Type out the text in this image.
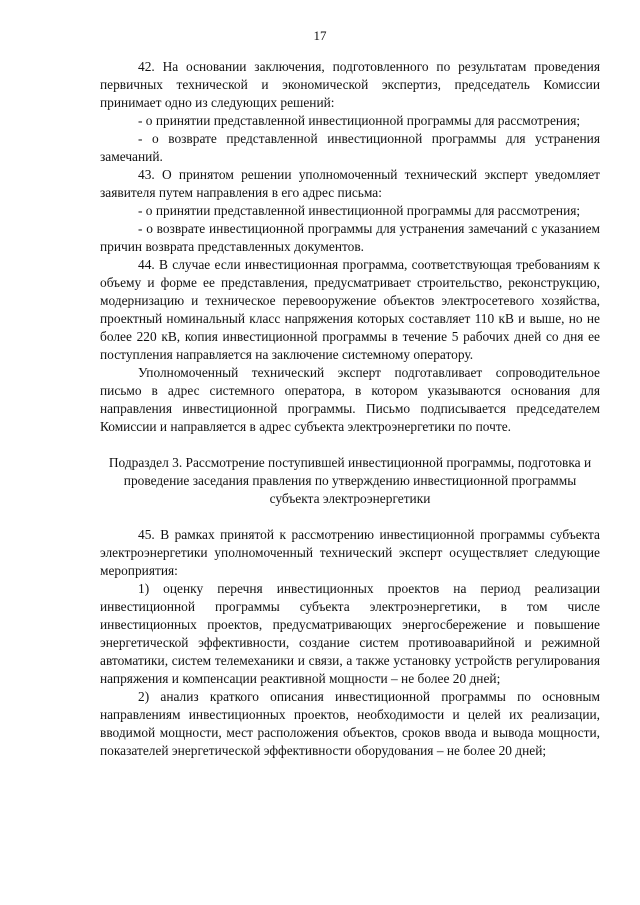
17

42. На основании заключения, подготовленного по результатам проведения первичных технической и экономической экспертиз, председатель Комиссии принимает одно из следующих решений:

- о принятии представленной инвестиционной программы для рассмотрения;

- о возврате представленной инвестиционной программы для устранения замечаний.

43. О принятом решении уполномоченный технический эксперт уведомляет заявителя путем направления в его адрес письма:

- о принятии представленной инвестиционной программы для рассмотрения;

- о возврате инвестиционной программы для устранения замечаний с указанием причин возврата представленных документов.

44. В случае если инвестиционная программа, соответствующая требованиям к объему и форме ее представления, предусматривает строительство, реконструкцию, модернизацию и техническое перевооружение объектов электросетевого хозяйства, проектный номинальный класс напряжения которых составляет 110 кВ и выше, но не более 220 кВ, копия инвестиционной программы в течение 5 рабочих дней со дня ее поступления направляется на заключение системному оператору.

Уполномоченный технический эксперт подготавливает сопроводительное письмо в адрес системного оператора, в котором указываются основания для направления инвестиционной программы. Письмо подписывается председателем Комиссии и направляется в адрес субъекта электроэнергетики по почте.

Подраздел 3. Рассмотрение поступившей инвестиционной программы, подготовка и проведение заседания правления по утверждению инвестиционной программы субъекта электроэнергетики

45. В рамках принятой к рассмотрению инвестиционной программы субъекта электроэнергетики уполномоченный технический эксперт осуществляет следующие мероприятия:

1) оценку перечня инвестиционных проектов на период реализации инвестиционной программы субъекта электроэнергетики, в том числе инвестиционных проектов, предусматривающих энергосбережение и повышение энергетической эффективности, создание систем противоаварийной и режимной автоматики, систем телемеханики и связи, а также установку устройств регулирования напряжения и компенсации реактивной мощности – не более 20 дней;

2) анализ краткого описания инвестиционной программы по основным направлениям инвестиционных проектов, необходимости и целей их реализации, вводимой мощности, мест расположения объектов, сроков ввода и вывода мощности, показателей энергетической эффективности оборудования – не более 20 дней;
